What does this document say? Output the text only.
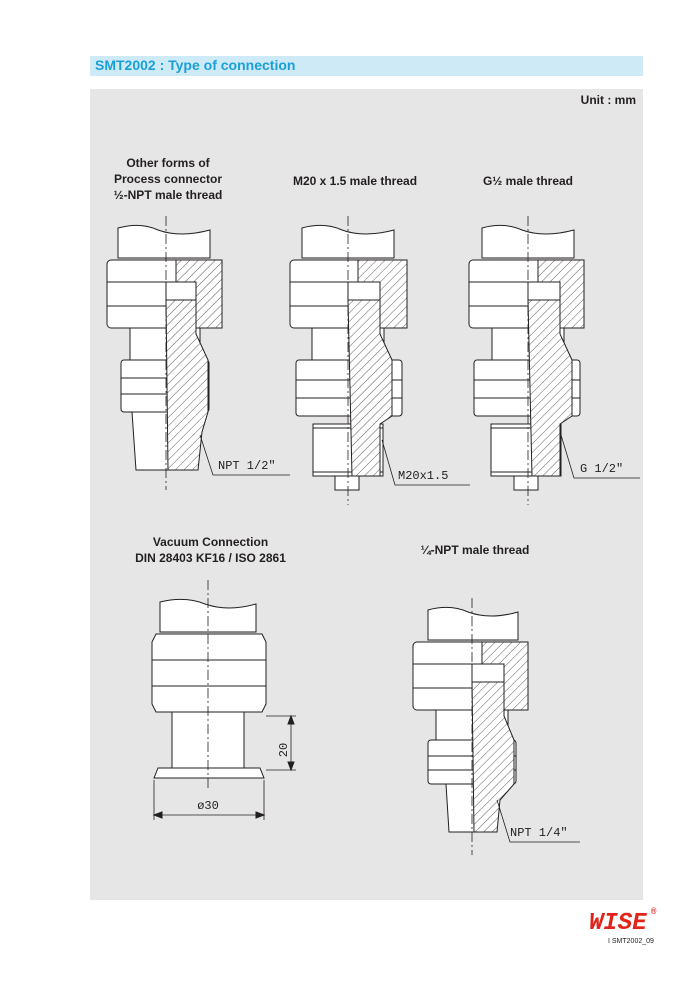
SMT2002 : Type of connection
Unit : mm
Other forms of
Process connector
½-NPT male thread
M20 x 1.5 male thread	G½ male thread
Vacuum Connection
DIN 28403 KF16 / ISO 2861
¼-NPT male thread
NPT 1/2"
M20x1.5	G 1/2"
NPT 1/4"
20
ø30
WISE ®
I SMT2002_09
